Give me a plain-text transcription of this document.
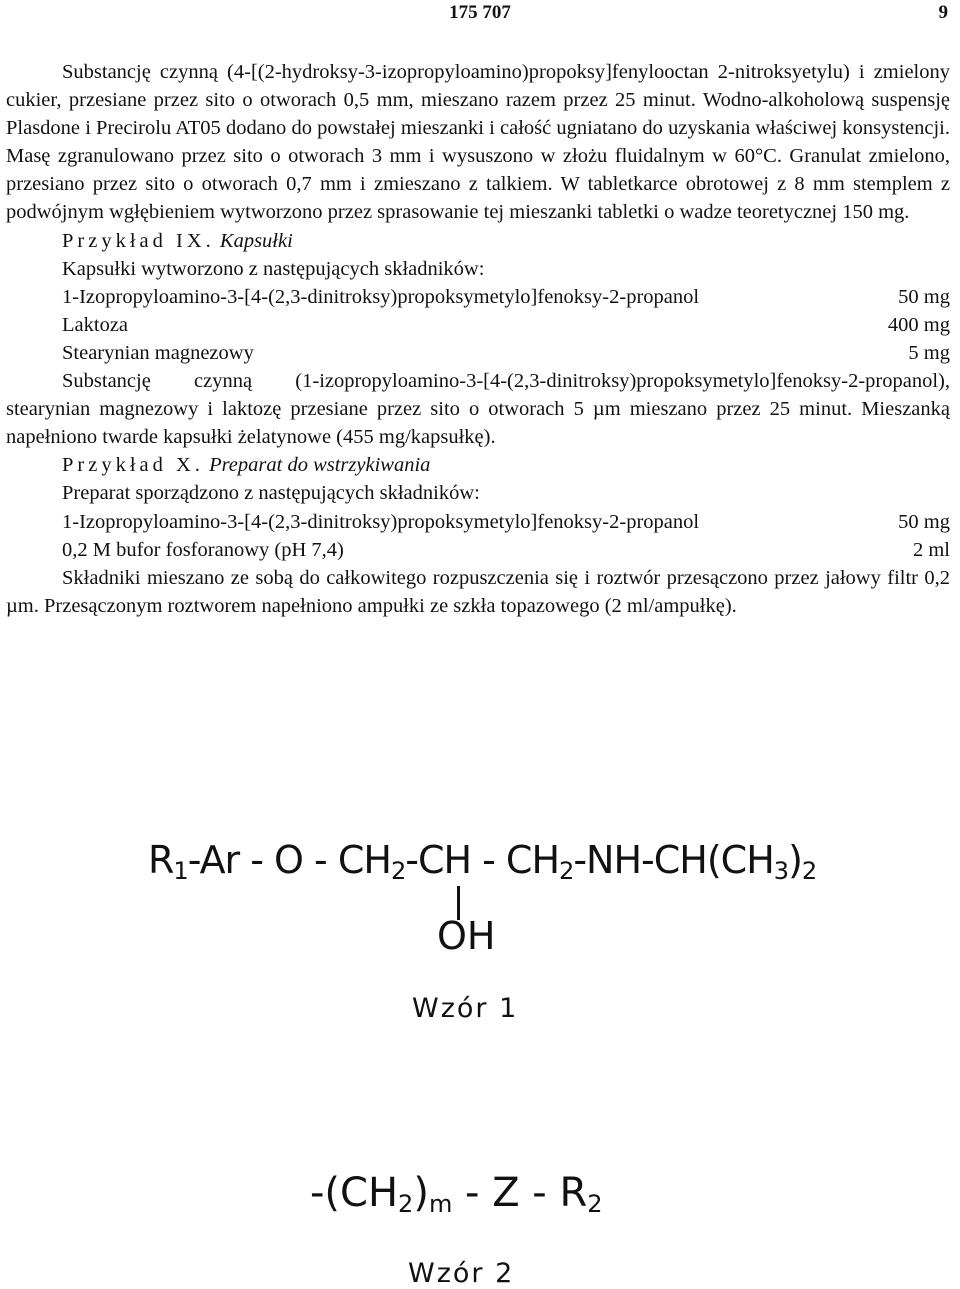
175 707	9

Substancję czynną (4-[(2-hydroksy-3-izopropyloamino)propoksy]fenylooctan 2-nitroksyetylu) i zmielony cukier, przesiane przez sito o otworach 0,5 mm, mieszano razem przez 25 minut. Wodno-alkoholową suspensję Plasdone i Precirolu AT05 dodano do powstałej mieszanki i całość ugniatano do uzyskania właściwej konsystencji. Masę zgranulowano przez sito o otworach 3 mm i wysuszono w złożu fluidalnym w 60°C. Granulat zmielono, przesiano przez sito o otworach 0,7 mm i zmieszano z talkiem. W tabletkarce obrotowej z 8 mm stemplem z podwójnym wgłębieniem wytworzono przez sprasowanie tej mieszanki tabletki o wadze teoretycznej 150 mg.

Przykład IX. Kapsułki

Kapsułki wytworzono z następujących składników:

1-Izopropyloamino-3-[4-(2,3-dinitroksy)propoksymetylo]fenoksy-2-propanol	50 mg
Laktoza	400 mg
Stearynian magnezowy	5 mg

Substancję czynną (1-izopropyloamino-3-[4-(2,3-dinitroksy)propoksymetylo]fenoksy-2-propanol), stearynian magnezowy i laktozę przesiane przez sito o otworach 5 µm mieszano przez 25 minut. Mieszanką napełniono twarde kapsułki żelatynowe (455 mg/kapsułkę).

Przykład X. Preparat do wstrzykiwania

Preparat sporządzono z następujących składników:

1-Izopropyloamino-3-[4-(2,3-dinitroksy)propoksymetylo]fenoksy-2-propanol	50 mg
0,2 M bufor fosforanowy (pH 7,4)	2 ml

Składniki mieszano ze sobą do całkowitego rozpuszczenia się i roztwór przesączono przez jałowy filtr 0,2 µm. Przesączonym roztworem napełniono ampułki ze szkła topazowego (2 ml/ampułkę).

R1-Ar - O - CH2-CH - CH2-NH-CH(CH3)2
OH
Wzór 1
-(CH2)m - Z - R2
Wzór 2
